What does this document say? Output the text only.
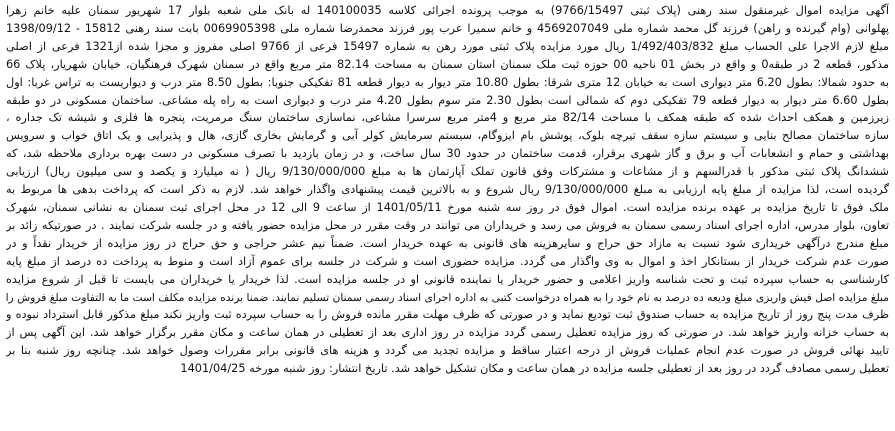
آگهی مزایده اموال غیرمنقول سند رهنی (پلاک ثبتی 9766/15497) به موجب پرونده اجرائی کلاسه 140100035 له بانک ملی شعبه بلوار 17 شهریور سمنان علیه خانم زهرا
پهلوانی (وام گیرنده و راهن) فرزند گل محمد شماره ملی 4569207049 و خانم سمیرا عرب پور فرزند محمدرضا شماره ملی 0069905398 بابت سند رهنی 15812 - 1398/09/12
مبلغ لازم الاجرا علی الحساب مبلغ 1/492/403/832 ریال مورد مزایده پلاک ثبتی مورد رهن به شماره 15497 فرعی از 9766 اصلی مفروز و مجزا شده از1321 فرعی از اصلی
مذکور، قطعه 2 در طبقه0 و واقع در بخش 01 ناحیه 00 حوزه ثبت ملک سمنان استان سمنان به مساحت 82.14 متر مربع واقع در سمنان شهرک فرهنگیان، خیابان شهریار، پلاک 66
به حدود شمالا: بطول 6.20 متر دیواری است به خیابان 12 متری شرقا: بطول 10.80 متر دیوار به دیوار قطعه 81 تفکیکی جنوبا: بطول 8.50 متر درب و دیواریست به تراس غربا: اول
بطول 6.60 متر دیوار به دیوار قطعه 79 تفکیکی دوم که شمالی است بطول 2.30 متر سوم بطول 4.20 متر درب و دیواری است به راه پله مشاعی. ساختمان مسکونی در دو طبقه
زیرزمین و همکف احداث شده که طبقه همکف با مساحت 82/14 متر مربع و 4متر مربع سرسرا مشاعی، نماسازی ساختمان سنگ مرمریت، پنجره ها فلزی و شیشه تک جداره ،
سازه ساختمان مصالح بنایی و سیستم سازه سقف تیرچه بلوک، پوشش بام ایزوگام، سیستم سرمایش کولر آبی و گرمایش بخاری گازی، هال و پذیرایی و یک اتاق خواب و سرویس
بهداشتی و حمام و انشعابات آب و برق و گاز شهری برقرار، قدمت ساختمان در حدود 30 سال ساخت، و در زمان بازدید با تصرف مسکونی در دست بهره برداری ملاحظه شد، که
ششدانگ پلاک ثبتی مذکور با قدرالسهم و از مشاعات و مشترکات وفق قانون تملک آپارتمان ها به مبلغ 9/130/000/000 ریال ( نه میلیارد و یکصد و سی میلیون ریال) ارزیابی
گردیده است، لذا مزایده از مبلغ پایه ارزیابی به مبلغ 9/130/000/000 ریال شروع و به بالاترین قیمت پیشنهادی واگذار خواهد شد. لازم به ذکر است که پرداخت بدهی ها مربوط به
ملک فوق تا تاریخ مزایده بر عهده برنده مزایده است. اموال فوق در روز سه شنبه مورخ 1401/05/11 از ساعت 9 الی 12 در محل اجرای ثبت سمنان به نشانی سمنان، شهرک
تعاون، بلوار مدرس، اداره اجرای اسناد رسمی سمنان به فروش می رسد و خریداران می توانند در وقت مقرر در محل مزایده حضور یافته و در جلسه شرکت نمایند . در صورتیکه زائد بر
مبلغ مندرج درآگهی خریداری شود نسبت به مازاد حق حراج و سایرهزینه های قانونی به عهده خریدار است. ضمناً نیم عشر حراجی و حق حراج در روز مزایده از خریدار نقداً و در
صورت عدم شرکت خریدار از بستانکار اخذ و اموال به وی واگذار می گردد. مزایده حضوری است و شرکت در جلسه برای عموم آزاد است و منوط به پرداخت ده درصد از مبلغ پایه
کارشناسی به حساب سپرده ثبت و تحت شناسه واریز اعلامی و حضور خریدار یا نماینده قانونی او در جلسه مزایده است. لذا خریدار یا خریداران می بایست تا قبل از شروع مزایده
مبلغ مزایده اصل فیش واریزی مبلغ ودیعه ده درصد به نام خود را به همراه درخواست کتبی به اداره اجرای اسناد رسمی سمنان تسلیم نمایند. ضمنا برنده مزایده مکلف است ما به التفاوت مبلغ فروش را
ظرف مدت پنج روز از تاریخ مزایده به حساب صندوق ثبت تودیع نماید و در صورتی که ظرف مهلت مقرر مانده فروش را به حساب سپرده ثبت واریز نکند مبلغ مذکور قابل استرداد نبوده و
به حساب خزانه واریز خواهد شد. در صورتی که روز مزایده تعطیل رسمی گردد مزایده در روز اداری بعد از تعطیلی در همان ساعت و مکان مقرر برگزار خواهد شد. این آگهی پس از
تایید نهائی فروش در صورت عدم انجام عملیات فروش از درجه اعتبار ساقط و مزایده تجدید می گردد و هزینه های قانونی برابر مقررات وصول خواهد شد. چنانچه روز شنبه بنا بر
تعطیل رسمی مصادف گردد در روز بعد از تعطیلی جلسه مزایده در همان ساعت و مکان تشکیل خواهد شد. تاریخ انتشار: روز شنبه مورخه 1401/04/25
